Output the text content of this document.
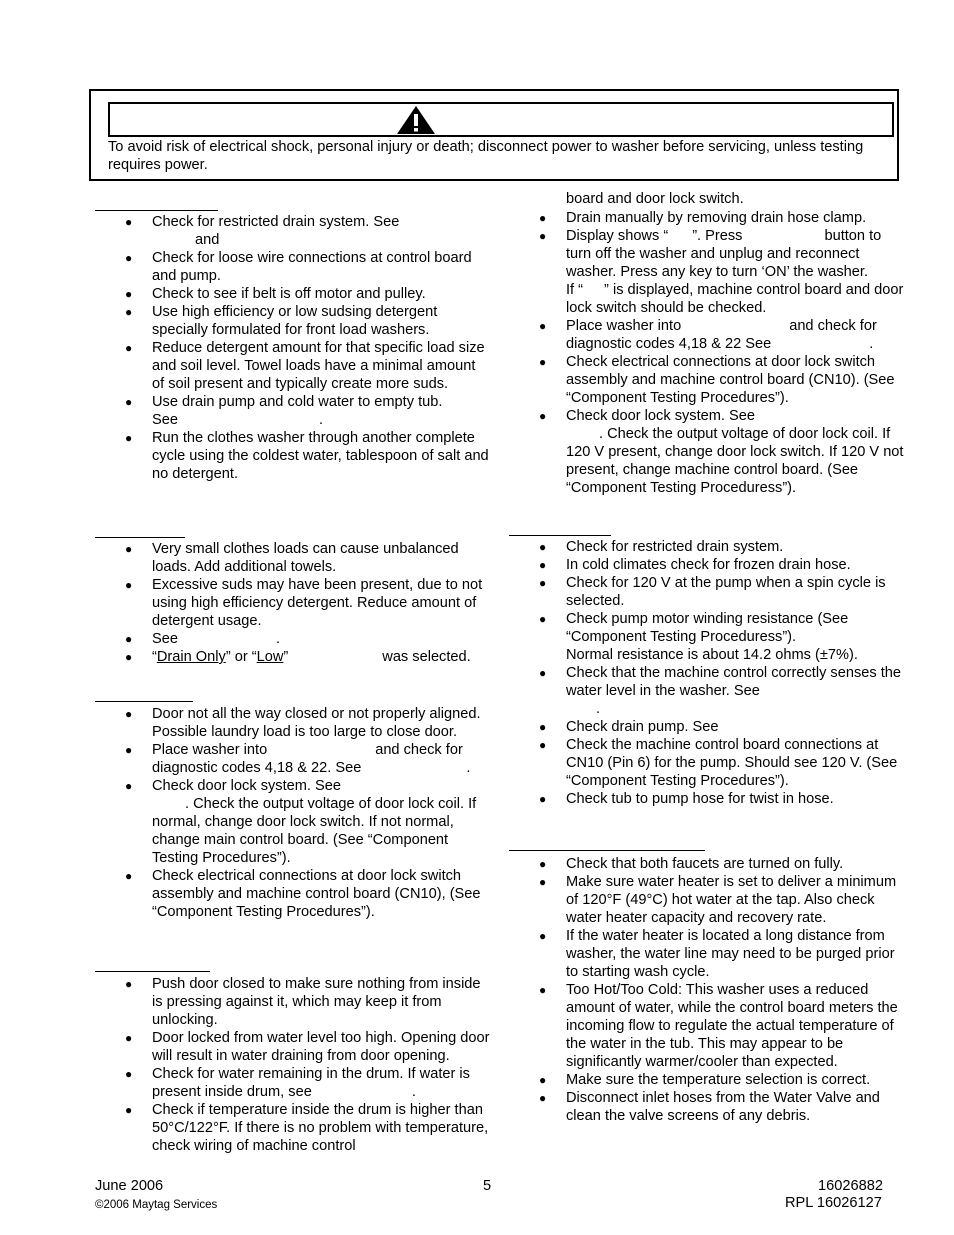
To avoid risk of electrical shock, personal injury or death; disconnect power to washer before servicing, unless testing requires power.
● Check for restricted drain system. See
and
● Check for loose wire connections at control board and pump.
● Check to see if belt is off motor and pulley.
● Use high efficiency or low sudsing detergent specially formulated for front load washers.
● Reduce detergent amount for that specific load size and soil level. Towel loads have a minimal amount of soil present and typically create more suds.
● Use drain pump and cold water to empty tub.
See	.
● Run the clothes washer through another complete cycle using the coldest water, tablespoon of salt and no detergent.
● Very small clothes loads can cause unbalanced loads. Add additional towels.
● Excessive suds may have been present, due to not using high efficiency detergent. Reduce amount of detergent usage.
● See	.
● “Drain Only” or “Low”	was selected.
● Door not all the way closed or not properly aligned. Possible laundry load is too large to close door.
● Place washer into	and check for
diagnostic codes 4,18 & 22. See	.
● Check door lock system. See
. Check the output voltage of door lock coil. If normal, change door lock switch. If not normal, change main control board. (See “Component Testing Procedures”).
● Check electrical connections at door lock switch assembly and machine control board (CN10), (See “Component Testing Procedures”).
● Push door closed to make sure nothing from inside is pressing against it, which may keep it from unlocking.
● Door locked from water level too high. Opening door will result in water draining from door opening.
● Check for water remaining in the drum. If water is present inside drum, see	.
● Check if temperature inside the drum is higher than 50°C/122°F. If there is no problem with temperature, check wiring of machine control
board and door lock switch.
● Drain manually by removing drain hose clamp.
● Display shows “ ”. Press	button to
turn off the washer and unplug and reconnect washer. Press any key to turn ‘ON’ the washer.
If “ ” is displayed, machine control board and door lock switch should be checked.
● Place washer into	and check for
diagnostic codes 4,18 & 22 See	.
● Check electrical connections at door lock switch assembly and machine control board (CN10). (See “Component Testing Procedures”).
● Check door lock system. See
. Check the output voltage of door lock coil. If 120 V present, change door lock switch. If 120 V not present, change machine control board. (See “Component Testing Proceduress”).
● Check for restricted drain system.
● In cold climates check for frozen drain hose.
● Check for 120 V at the pump when a spin cycle is selected.
● Check pump motor winding resistance (See “Component Testing Proceduress”).
Normal resistance is about 14.2 ohms (±7%).
● Check that the machine control correctly senses the water level in the washer. See
.
● Check drain pump. See
● Check the machine control board connections at CN10 (Pin 6) for the pump. Should see 120 V. (See “Component Testing Procedures”).
● Check tub to pump hose for twist in hose.
● Check that both faucets are turned on fully.
● Make sure water heater is set to deliver a minimum of 120°F (49°C) hot water at the tap. Also check water heater capacity and recovery rate.
● If the water heater is located a long distance from washer, the water line may need to be purged prior to starting wash cycle.
● Too Hot/Too Cold: This washer uses a reduced amount of water, while the control board meters the incoming flow to regulate the actual temperature of the water in the tub. This may appear to be significantly warmer/cooler than expected.
● Make sure the temperature selection is correct.
● Disconnect inlet hoses from the Water Valve and clean the valve screens of any debris.
June 2006	5	16026882
©2006 Maytag Services	RPL 16026127
